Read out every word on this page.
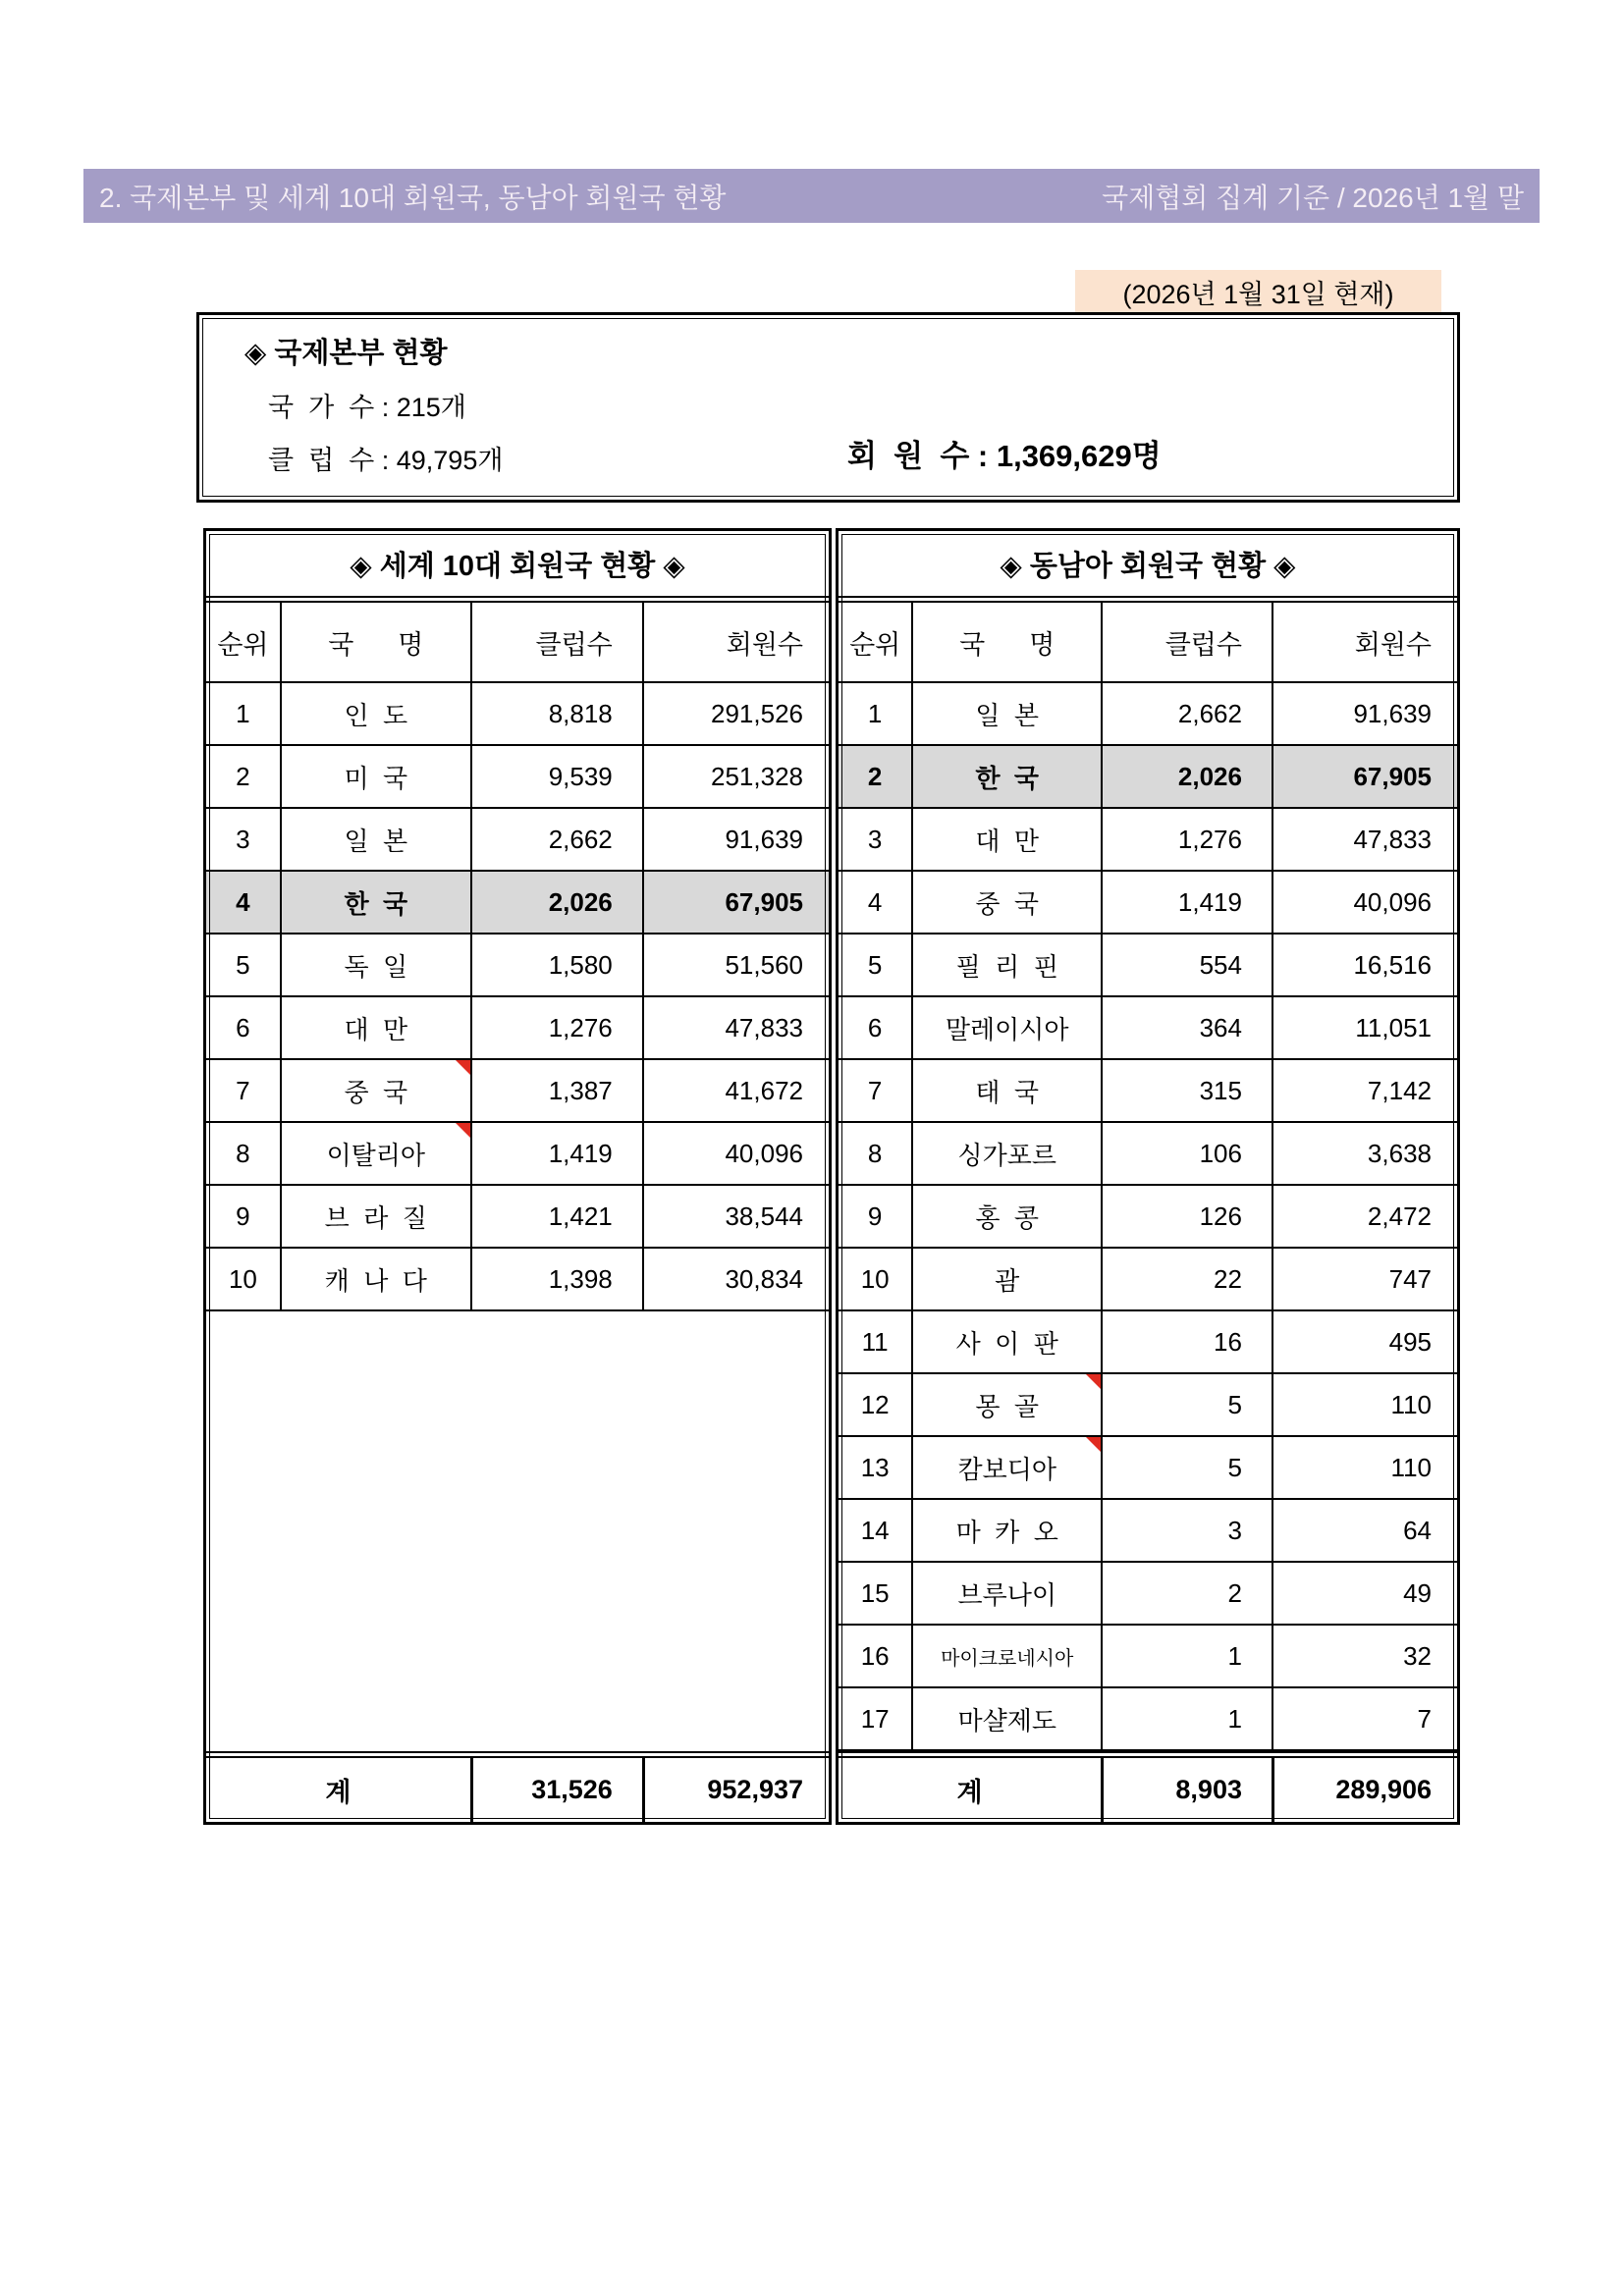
2. 국제본부 및 세계 10대 회원국, 동남아 회원국 현황	국제협회 집계 기준 / 2026년 1월 말
(2026년 1월 31일 현재)
◈ 국제본부 현황
국  가  수 : 215개
클  럽  수 : 49,795개	회  원  수 : 1,369,629명
◈ 세계 10대 회원국 현황 ◈
순위	국      명	클럽수	회원수
1	인  도	8,818	291,526
2	미  국	9,539	251,328
3	일  본	2,662	91,639
4	한  국	2,026	67,905
5	독  일	1,580	51,560
6	대  만	1,276	47,833
7	중  국	1,387	41,672
8	이탈리아	1,419	40,096
9	브  라  질	1,421	38,544
10	캐  나  다	1,398	30,834
계	31,526	952,937
◈ 동남아 회원국 현황 ◈
순위	국      명	클럽수	회원수
1	일  본	2,662	91,639
2	한  국	2,026	67,905
3	대  만	1,276	47,833
4	중  국	1,419	40,096
5	필  리  핀	554	16,516
6	말레이시아	364	11,051
7	태  국	315	7,142
8	싱가포르	106	3,638
9	홍  콩	126	2,472
10	괌	22	747
11	사  이  판	16	495
12	몽  골	5	110
13	캄보디아	5	110
14	마  카  오	3	64
15	브루나이	2	49
16	마이크로네시아	1	32
17	마샬제도	1	7
계	8,903	289,906
